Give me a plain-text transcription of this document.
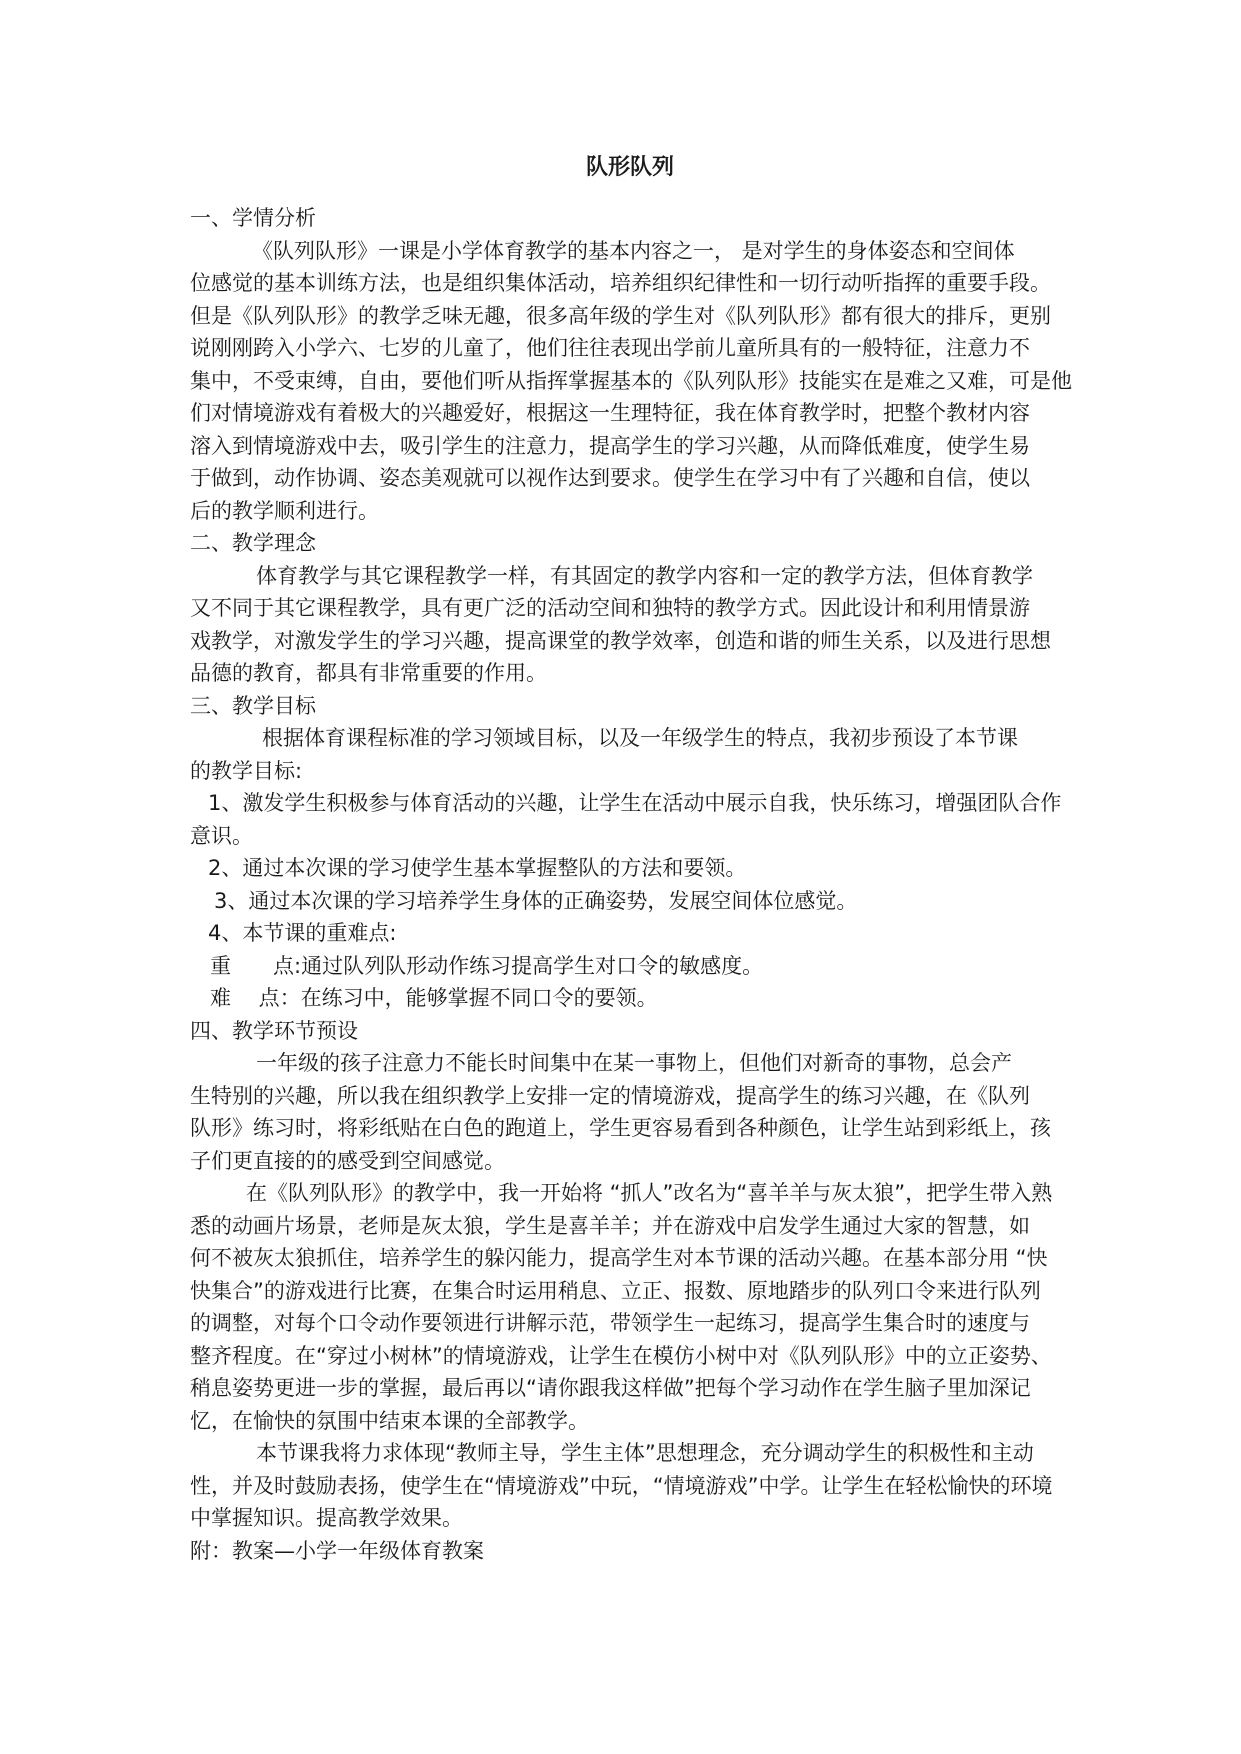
队形队列
一、学情分析
《队列队形》一课是小学体育教学的基本内容之一， 是对学生的身体姿态和空间体
位感觉的基本训练方法，也是组织集体活动，培养组织纪律性和一切行动听指挥的重要手段。
但是《队列队形》的教学乏味无趣，很多高年级的学生对《队列队形》都有很大的排斥，更别
说刚刚跨入小学六、七岁的儿童了，他们往往表现出学前儿童所具有的一般特征，注意力不
集中，不受束缚，自由，要他们听从指挥掌握基本的《队列队形》技能实在是难之又难，可是他
们对情境游戏有着极大的兴趣爱好，根据这一生理特征，我在体育教学时，把整个教材内容
溶入到情境游戏中去，吸引学生的注意力，提高学生的学习兴趣，从而降低难度，使学生易
于做到，动作协调、姿态美观就可以视作达到要求。使学生在学习中有了兴趣和自信，使以
后的教学顺利进行。
二、教学理念
体育教学与其它课程教学一样，有其固定的教学内容和一定的教学方法，但体育教学
又不同于其它课程教学，具有更广泛的活动空间和独特的教学方式。因此设计和利用情景游
戏教学，对激发学生的学习兴趣，提高课堂的教学效率，创造和谐的师生关系，以及进行思想
品德的教育，都具有非常重要的作用。
三、教学目标
根据体育课程标准的学习领域目标，以及一年级学生的特点，我初步预设了本节课
的教学目标:
1、激发学生积极参与体育活动的兴趣，让学生在活动中展示自我，快乐练习，增强团队合作
意识。
2、通过本次课的学习使学生基本掌握整队的方法和要领。
3、通过本次课的学习培养学生身体的正确姿势，发展空间体位感觉。
4、本节课的重难点:
重　　点:通过队列队形动作练习提高学生对口令的敏感度。
难　 点：在练习中，能够掌握不同口令的要领。
四、教学环节预设
一年级的孩子注意力不能长时间集中在某一事物上，但他们对新奇的事物，总会产
生特别的兴趣，所以我在组织教学上安排一定的情境游戏，提高学生的练习兴趣，在《队列
队形》练习时，将彩纸贴在白色的跑道上，学生更容易看到各种颜色，让学生站到彩纸上，孩
子们更直接的的感受到空间感觉。
在《队列队形》的教学中，我一开始将 “抓人”改名为“喜羊羊与灰太狼”，把学生带入熟
悉的动画片场景，老师是灰太狼，学生是喜羊羊；并在游戏中启发学生通过大家的智慧，如
何不被灰太狼抓住，培养学生的躲闪能力，提高学生对本节课的活动兴趣。在基本部分用 “快
快集合”的游戏进行比赛，在集合时运用稍息、立正、报数、原地踏步的队列口令来进行队列
的调整，对每个口令动作要领进行讲解示范，带领学生一起练习，提高学生集合时的速度与
整齐程度。在“穿过小树林”的情境游戏，让学生在模仿小树中对《队列队形》中的立正姿势、
稍息姿势更进一步的掌握，最后再以“请你跟我这样做”把每个学习动作在学生脑子里加深记
忆，在愉快的氛围中结束本课的全部教学。
本节课我将力求体现“教师主导，学生主体”思想理念，充分调动学生的积极性和主动
性，并及时鼓励表扬，使学生在“情境游戏”中玩，“情境游戏”中学。让学生在轻松愉快的环境
中掌握知识。提高教学效果。
附：教案—小学一年级体育教案
